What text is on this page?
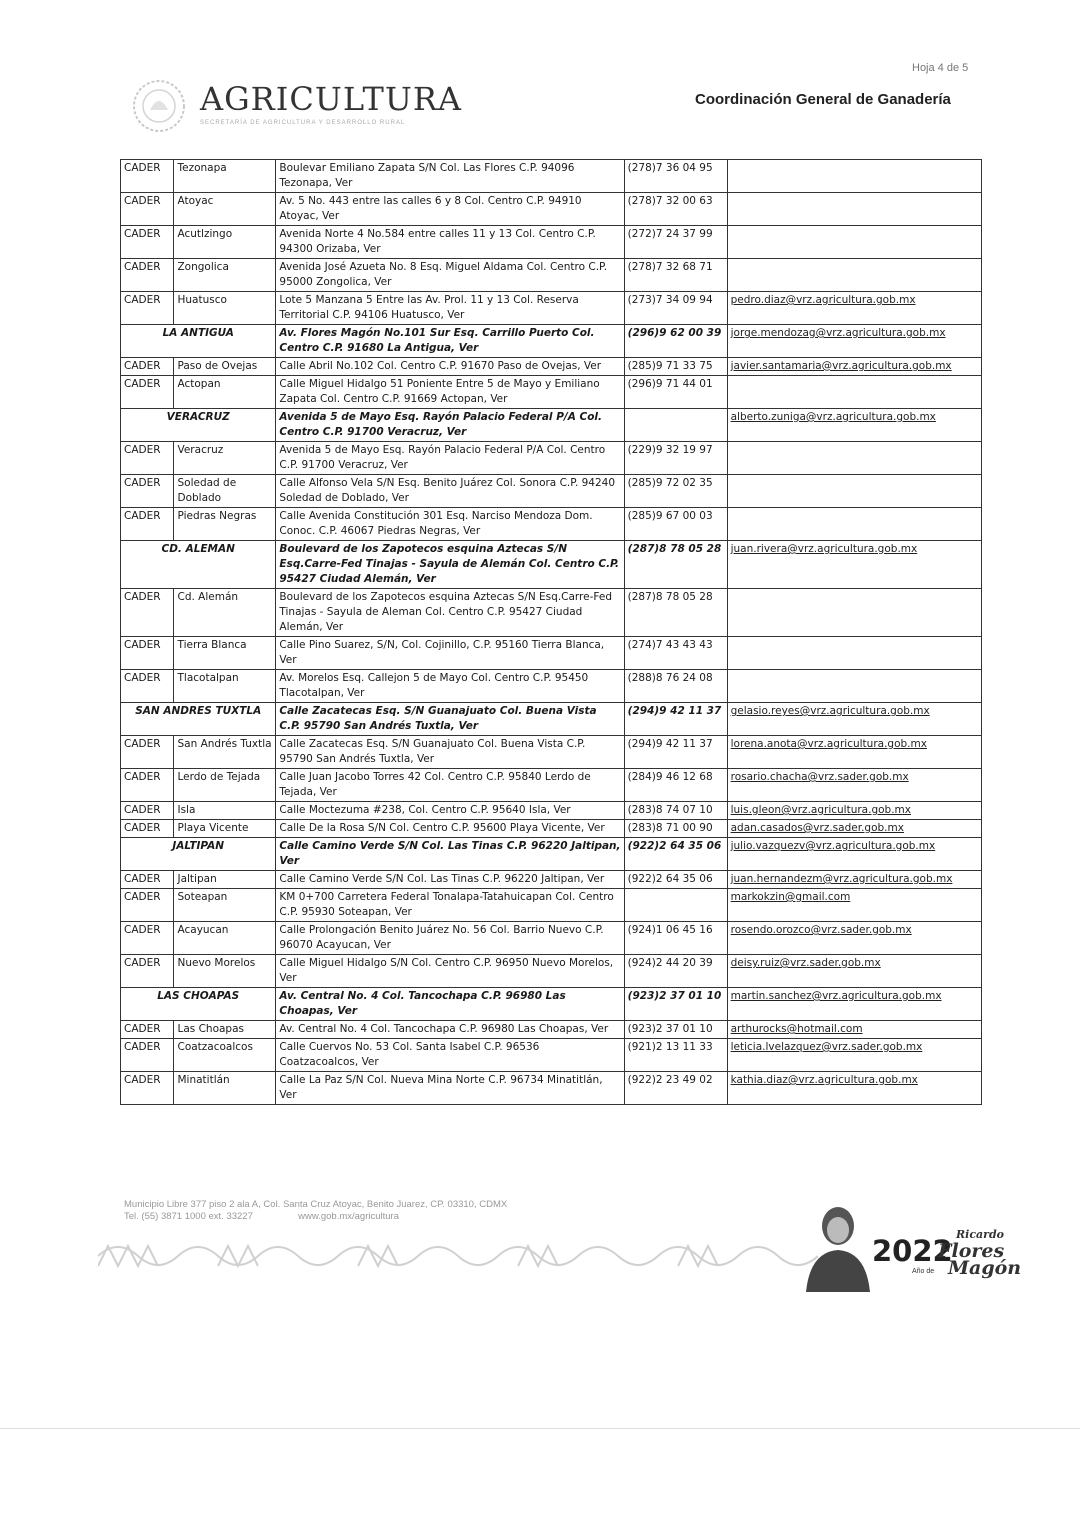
Hoja 4 de 5
AGRICULTURA
SECRETARÍA DE AGRICULTURA Y DESARROLLO RURAL
Coordinación General de Ganadería
CADER	Tezonapa	Boulevar Emiliano Zapata S/N Col. Las Flores C.P. 94096 Tezonapa, Ver	(278)7 36 04 95	
CADER	Atoyac	Av. 5 No. 443 entre las calles 6 y 8 Col. Centro C.P. 94910 Atoyac, Ver	(278)7 32 00 63	
CADER	Acutlzingo	Avenida Norte 4 No.584 entre calles 11 y 13 Col. Centro C.P. 94300 Orizaba, Ver	(272)7 24 37 99	
CADER	Zongolica	Avenida José Azueta No. 8 Esq. Miguel Aldama Col. Centro C.P. 95000 Zongolica, Ver	(278)7 32 68 71	
CADER	Huatusco	Lote 5 Manzana 5 Entre las Av. Prol. 11 y 13 Col. Reserva Territorial C.P. 94106 Huatusco, Ver	(273)7 34 09 94	pedro.diaz@vrz.agricultura.gob.mx
LA ANTIGUA		Av. Flores Magón No.101 Sur Esq. Carrillo Puerto Col. Centro C.P. 91680 La Antigua, Ver	(296)9 62 00 39	jorge.mendozag@vrz.agricultura.gob.mx
CADER	Paso de Ovejas	Calle Abril No.102 Col. Centro C.P. 91670 Paso de Ovejas, Ver	(285)9 71 33 75	javier.santamaria@vrz.agricultura.gob.mx
CADER	Actopan	Calle Miguel Hidalgo 51 Poniente Entre 5 de Mayo y Emiliano Zapata Col. Centro C.P. 91669 Actopan, Ver	(296)9 71 44 01	
VERACRUZ		Avenida 5 de Mayo Esq. Rayón Palacio Federal P/A Col. Centro C.P. 91700 Veracruz, Ver		alberto.zuniga@vrz.agricultura.gob.mx
CADER	Veracruz	Avenida 5 de Mayo Esq. Rayón Palacio Federal P/A Col. Centro C.P. 91700 Veracruz, Ver	(229)9 32 19 97	
CADER	Soledad de Doblado	Calle Alfonso Vela S/N Esq. Benito Juárez Col. Sonora C.P. 94240 Soledad de Doblado, Ver	(285)9 72 02 35	
CADER	Piedras Negras	Calle Avenida Constitución 301 Esq. Narciso Mendoza Dom. Conoc. C.P. 46067 Piedras Negras, Ver	(285)9 67 00 03	
CD. ALEMAN		Boulevard de los Zapotecos esquina Aztecas S/N Esq.Carre-Fed Tinajas - Sayula de Alemán Col. Centro C.P. 95427 Ciudad Alemán, Ver	(287)8 78 05 28	juan.rivera@vrz.agricultura.gob.mx
CADER	Cd. Alemán	Boulevard de los Zapotecos esquina Aztecas S/N Esq.Carre-Fed Tinajas - Sayula de Aleman Col. Centro C.P. 95427 Ciudad Alemán, Ver	(287)8 78 05 28	
CADER	Tierra Blanca	Calle Pino Suarez, S/N, Col. Cojinillo, C.P. 95160 Tierra Blanca, Ver	(274)7 43 43 43	
CADER	Tlacotalpan	Av. Morelos Esq. Callejon 5 de Mayo Col. Centro C.P. 95450 Tlacotalpan, Ver	(288)8 76 24 08	
SAN ANDRES TUXTLA		Calle Zacatecas Esq. S/N Guanajuato Col. Buena Vista C.P. 95790 San Andrés Tuxtla, Ver	(294)9 42 11 37	gelasio.reyes@vrz.agricultura.gob.mx
CADER	San Andrés Tuxtla	Calle Zacatecas Esq. S/N Guanajuato Col. Buena Vista C.P. 95790 San Andrés Tuxtla, Ver	(294)9 42 11 37	lorena.anota@vrz.agricultura.gob.mx
CADER	Lerdo de Tejada	Calle Juan Jacobo Torres 42 Col. Centro C.P. 95840 Lerdo de Tejada, Ver	(284)9 46 12 68	rosario.chacha@vrz.sader.gob.mx
CADER	Isla	Calle Moctezuma #238, Col. Centro C.P. 95640 Isla, Ver	(283)8 74 07 10	luis.gleon@vrz.agricultura.gob.mx
CADER	Playa Vicente	Calle De la Rosa S/N Col. Centro C.P. 95600 Playa Vicente, Ver	(283)8 71 00 90	adan.casados@vrz.sader.gob.mx
JALTIPAN		Calle Camino Verde S/N Col. Las Tinas C.P. 96220 Jaltipan, Ver	(922)2 64 35 06	julio.vazquezv@vrz.agricultura.gob.mx
CADER	Jaltipan	Calle Camino Verde S/N Col. Las Tinas C.P. 96220 Jaltipan, Ver	(922)2 64 35 06	juan.hernandezm@vrz.agricultura.gob.mx
CADER	Soteapan	KM 0+700 Carretera Federal Tonalapa-Tatahuicapan Col. Centro C.P. 95930 Soteapan, Ver		markokzin@gmail.com
CADER	Acayucan	Calle Prolongación Benito Juárez No. 56 Col. Barrio Nuevo C.P. 96070 Acayucan, Ver	(924)1 06 45 16	rosendo.orozco@vrz.sader.gob.mx
CADER	Nuevo Morelos	Calle Miguel Hidalgo S/N Col. Centro C.P. 96950 Nuevo Morelos, Ver	(924)2 44 20 39	deisy.ruiz@vrz.sader.gob.mx
LAS CHOAPAS		Av. Central No. 4 Col. Tancochapa C.P. 96980 Las Choapas, Ver	(923)2 37 01 10	martin.sanchez@vrz.agricultura.gob.mx
CADER	Las Choapas	Av. Central No. 4 Col. Tancochapa C.P. 96980 Las Choapas, Ver	(923)2 37 01 10	arthurocks@hotmail.com
CADER	Coatzacoalcos	Calle Cuervos No. 53 Col. Santa Isabel C.P. 96536 Coatzacoalcos, Ver	(921)2 13 11 33	leticia.lvelazquez@vrz.sader.gob.mx
CADER	Minatitlán	Calle La Paz S/N Col. Nueva Mina Norte C.P. 96734 Minatitlán, Ver	(922)2 23 49 02	kathia.diaz@vrz.agricultura.gob.mx
Municipio Libre 377 piso 2 ala A, Col. Santa Cruz Atoyac, Benito Juarez, CP. 03310, CDMX
Tel. (55) 3871 1000 ext. 33227	www.gob.mx/agricultura
2022
Año de
Ricardo
Flores
Magón
